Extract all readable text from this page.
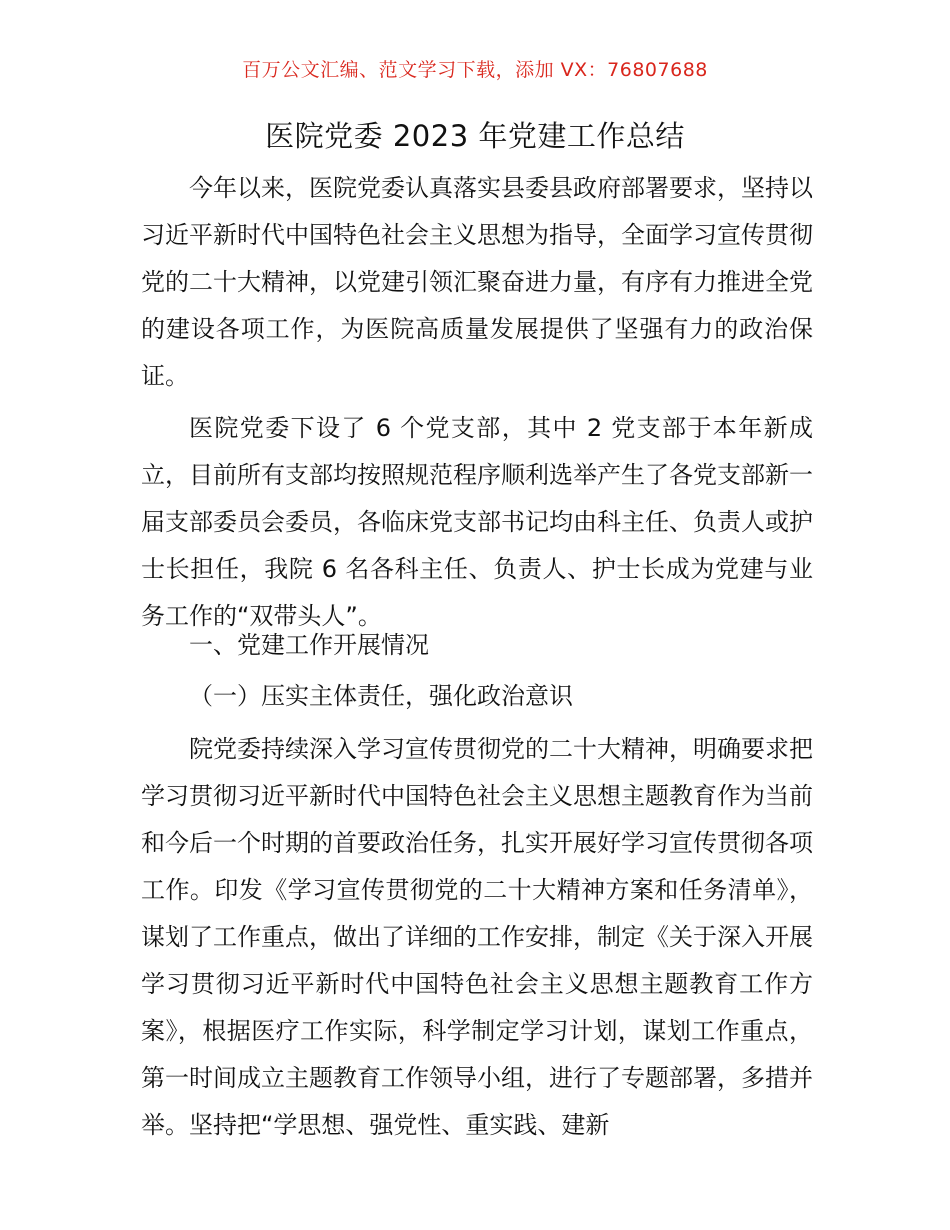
百万公文汇编、范文学习下载，添加 VX：76807688
医院党委 2023 年党建工作总结

今年以来，医院党委认真落实县委县政府部署要求，坚持以习近平新时代中国特色社会主义思想为指导，全面学习宣传贯彻党的二十大精神，以党建引领汇聚奋进力量，有序有力推进全党的建设各项工作，为医院高质量发展提供了坚强有力的政治保证。

医院党委下设了 6 个党支部，其中 2 党支部于本年新成立，目前所有支部均按照规范程序顺利选举产生了各党支部新一届支部委员会委员，各临床党支部书记均由科主任、负责人或护士长担任，我院 6 名各科主任、负责人、护士长成为党建与业务工作的“双带头人”。

一、党建工作开展情况

（一）压实主体责任，强化政治意识

院党委持续深入学习宣传贯彻党的二十大精神，明确要求把学习贯彻习近平新时代中国特色社会主义思想主题教育作为当前和今后一个时期的首要政治任务，扎实开展好学习宣传贯彻各项工作。印发《学习宣传贯彻党的二十大精神方案和任务清单》，谋划了工作重点，做出了详细的工作安排，制定《关于深入开展学习贯彻习近平新时代中国特色社会主义思想主题教育工作方案》，根据医疗工作实际，科学制定学习计划，谋划工作重点，第一时间成立主题教育工作领导小组，进行了专题部署，多措并举。坚持把“学思想、强党性、重实践、建新
